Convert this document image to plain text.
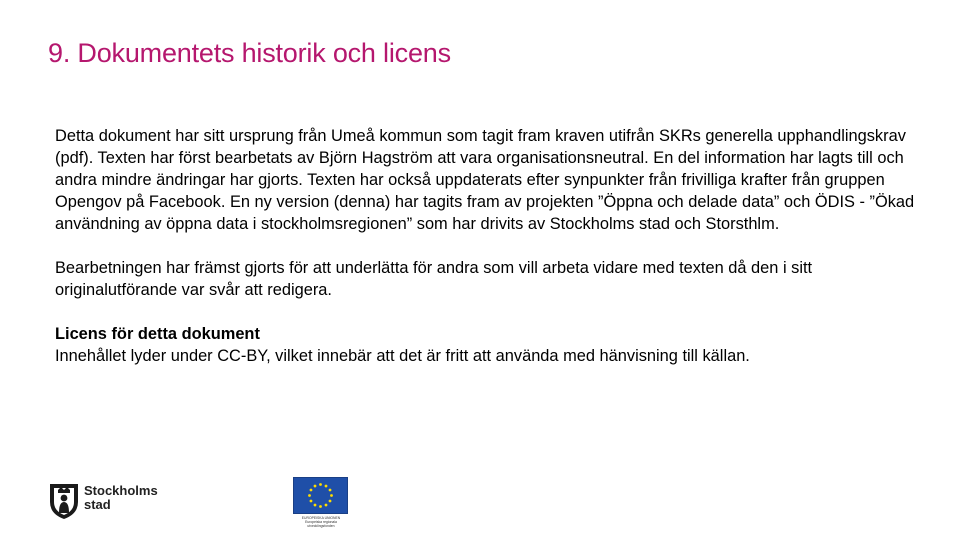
9. Dokumentets historik och licens

Detta dokument har sitt ursprung från Umeå kommun som tagit fram kraven utifrån SKRs generella upphandlingskrav (pdf). Texten har först bearbetats av Björn Hagström att vara organisationsneutral. En del information har lagts till och andra mindre ändringar har gjorts. Texten har också uppdaterats efter synpunkter från frivilliga krafter från gruppen Opengov på Facebook. En ny version (denna) har tagits fram av projekten ”Öppna och delade data” och ÖDIS - ”Ökad användning av öppna data i stockholmsregionen” som har drivits av Stockholms stad och Storsthlm.

Bearbetningen har främst gjorts för att underlätta för andra som vill arbeta vidare med texten då den i sitt originalutförande var svår att redigera.

Licens för detta dokument
Innehållet lyder under CC-BY, vilket innebär att det är fritt att använda med hänvisning till källan.

Stockholms
stad
EUROPEISKA UNIONEN
Europeiska regionala
utvecklingsfonden
